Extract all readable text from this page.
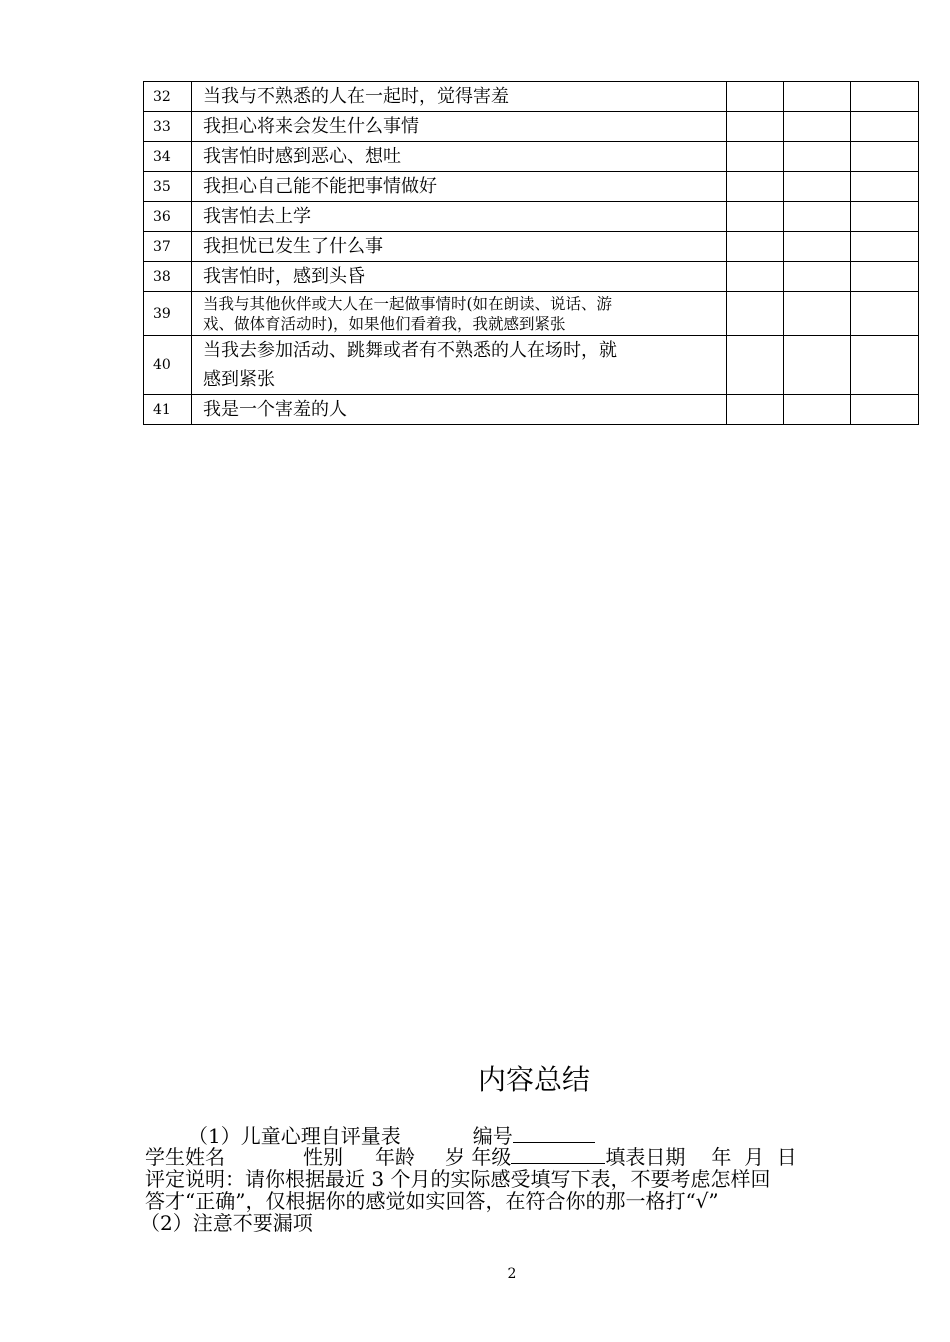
32	当我与不熟悉的人在一起时，觉得害羞			
33	我担心将来会发生什么事情			
34	我害怕时感到恶心、想吐			
35	我担心自己能不能把事情做好			
36	我害怕去上学			
37	我担忧已发生了什么事			
38	我害怕时，感到头昏			
39	当我与其他伙伴或大人在一起做事情时(如在朗读、说话、游
戏、做体育活动时)，如果他们看着我，我就感到紧张			

40	当我去参加活动、跳舞或者有不熟悉的人在场时，就
感到紧张			

41	我是一个害羞的人			
内容总结
（1）儿童心理自评量表	编号
学生姓名	性别 年龄 岁 年级	填表日期 年  月  日
评定说明：请你根据最近 3 个月的实际感受填写下表，不要考虑怎样回
答才“正确”，仅根据你的感觉如实回答，在符合你的那一格打“√”
（2）注意不要漏项
2
